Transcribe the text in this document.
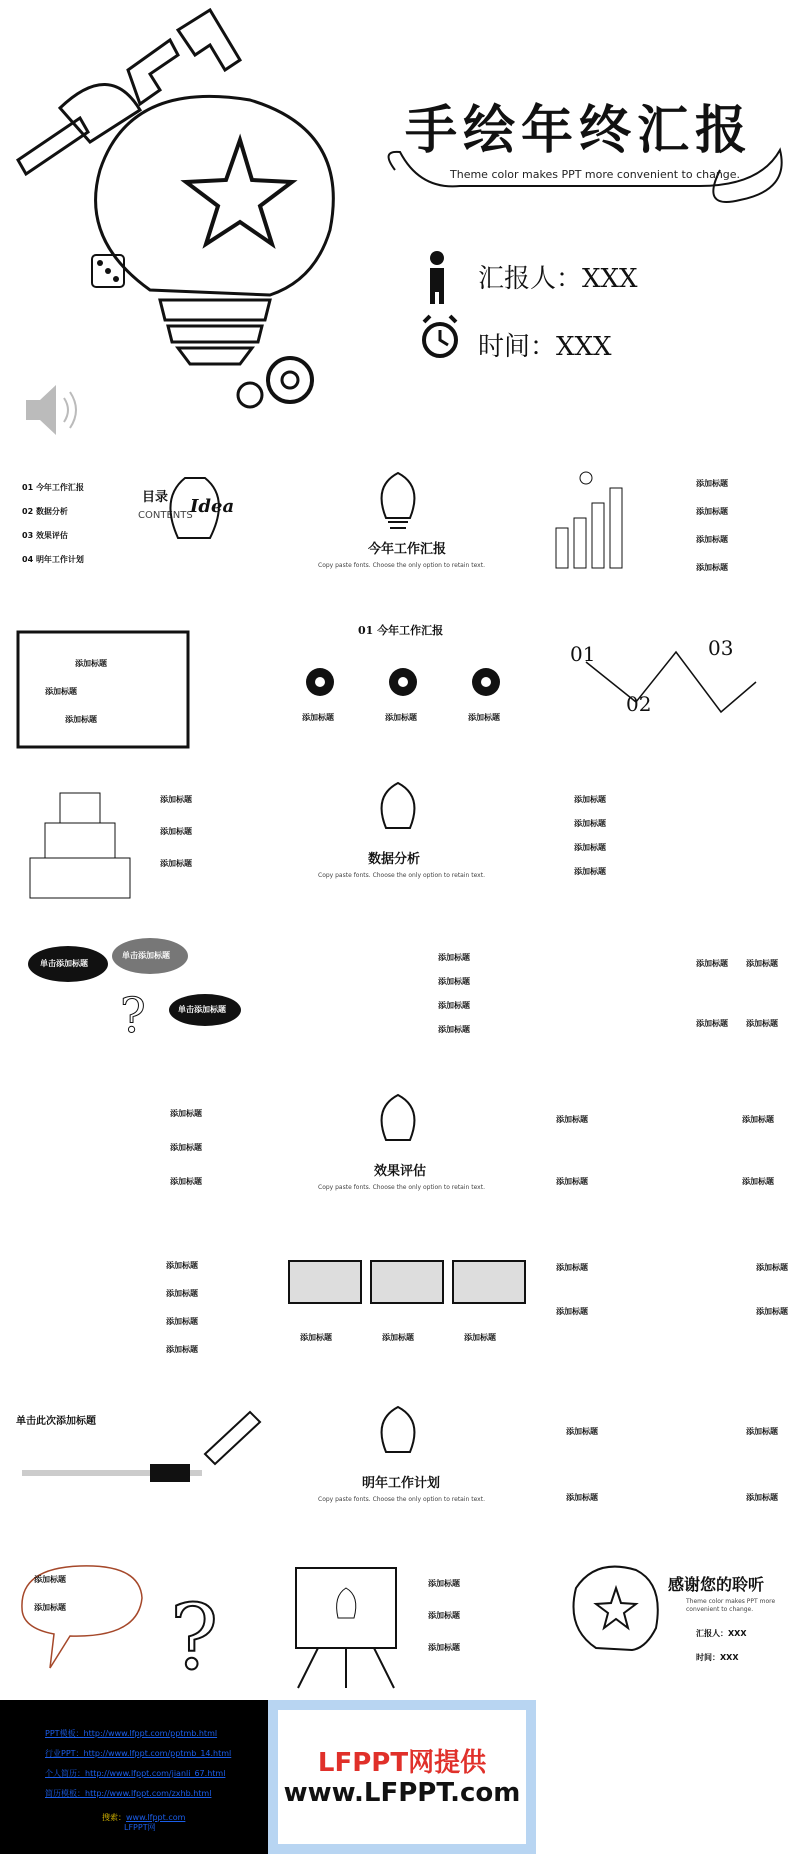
手绘年终汇报
Theme color makes PPT more convenient to change.
汇报人：XXX
时间：XXX
01 今年工作汇报
02 数据分析
03 效果评估
04 明年工作计划
目录
CONTENTS
Idea
今年工作汇报
Copy paste fonts. Choose the only option to retain text.
添加标题
添加标题
添加标题
添加标题
添加标题
添加标题
添加标题
01 今年工作汇报
添加标题	添加标题	添加标题
01
02
03
添加标题
添加标题
添加标题	数据分析
Copy paste fonts. Choose the only option to retain text.
添加标题
添加标题
添加标题
添加标题
?
单击添加标题
单击添加标题
单击添加标题
添加标题
添加标题
添加标题
添加标题
添加标题 添加标题
添加标题 添加标题
添加标题
添加标题
添加标题
效果评估
Copy paste fonts. Choose the only option to retain text.
添加标题	添加标题
添加标题	添加标题
添加标题
添加标题
添加标题
添加标题
添加标题	添加标题	添加标题
添加标题	添加标题
添加标题	添加标题
单击此次添加标题
明年工作计划
Copy paste fonts. Choose the only option to retain text.
添加标题	添加标题
添加标题	添加标题
?
添加标题
添加标题
添加标题
添加标题
添加标题
感谢您的聆听
Theme color makes PPT more convenient to change.
汇报人：XXX
时间：XXX
PPT模板：http://www.lfppt.com/pptmb.html
行业PPT：http://www.lfppt.com/pptmb_14.html
个人简历：http://www.lfppt.com/jianli_67.html
简历模板：http://www.lfppt.com/zxhb.html
搜索：www.lfppt.com
LFPPT网
LFPPT网提供
www.LFPPT.com
